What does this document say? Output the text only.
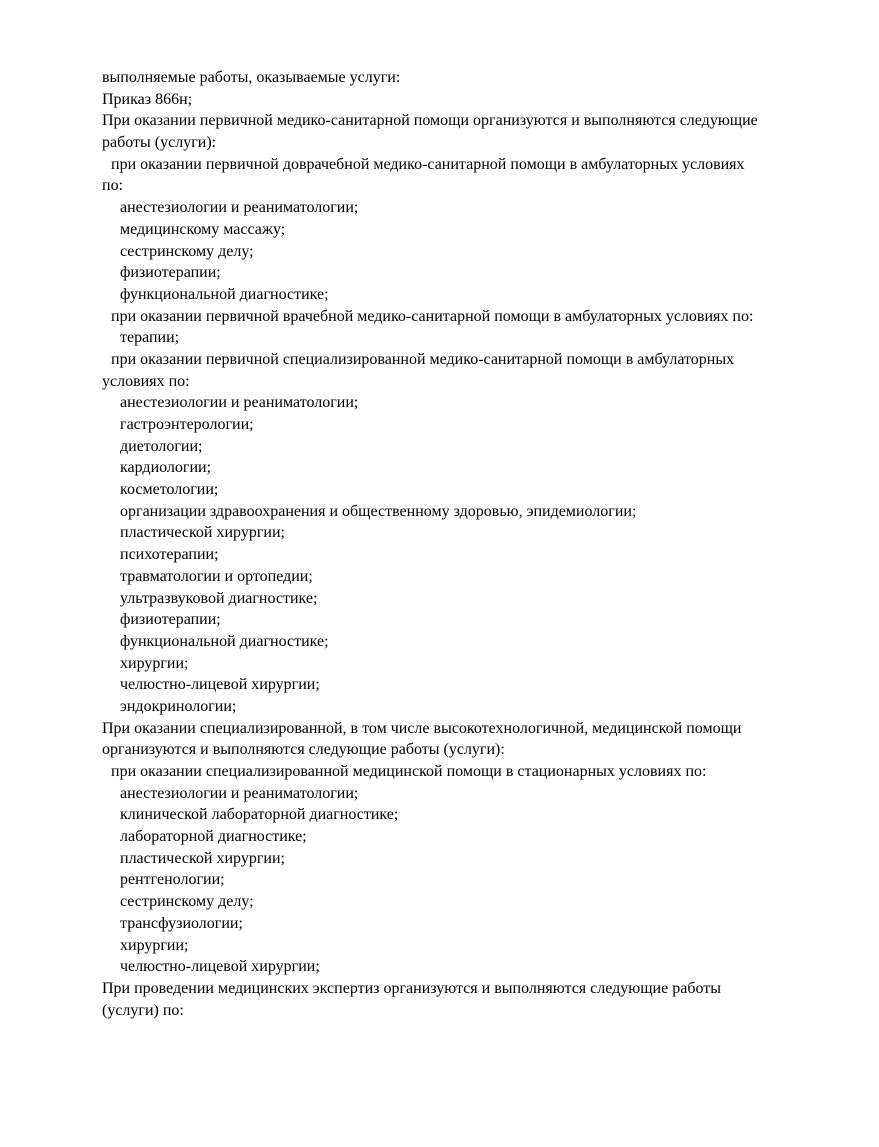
выполняемые работы, оказываемые услуги:

Приказ 866н;

При оказании первичной медико-санитарной помощи организуются и выполняются следующие

работы (услуги):

при оказании первичной доврачебной медико-санитарной помощи в амбулаторных условиях

по:

анестезиологии и реаниматологии;

медицинскому массажу;

сестринскому делу;

физиотерапии;

функциональной диагностике;

при оказании первичной врачебной медико-санитарной помощи в амбулаторных условиях по:

терапии;

при оказании первичной специализированной медико-санитарной помощи в амбулаторных

условиях по:

анестезиологии и реаниматологии;

гастроэнтерологии;

диетологии;

кардиологии;

косметологии;

организации здравоохранения и общественному здоровью, эпидемиологии;

пластической хирургии;

психотерапии;

травматологии и ортопедии;

ультразвуковой диагностике;

физиотерапии;

функциональной диагностике;

хирургии;

челюстно-лицевой хирургии;

эндокринологии;

При оказании специализированной, в том числе высокотехнологичной, медицинской помощи

организуются и выполняются следующие работы (услуги):

при оказании специализированной медицинской помощи в стационарных условиях по:

анестезиологии и реаниматологии;

клинической лабораторной диагностике;

лабораторной диагностике;

пластической хирургии;

рентгенологии;

сестринскому делу;

трансфузиологии;

хирургии;

челюстно-лицевой хирургии;

При проведении медицинских экспертиз организуются и выполняются следующие работы

(услуги) по:
